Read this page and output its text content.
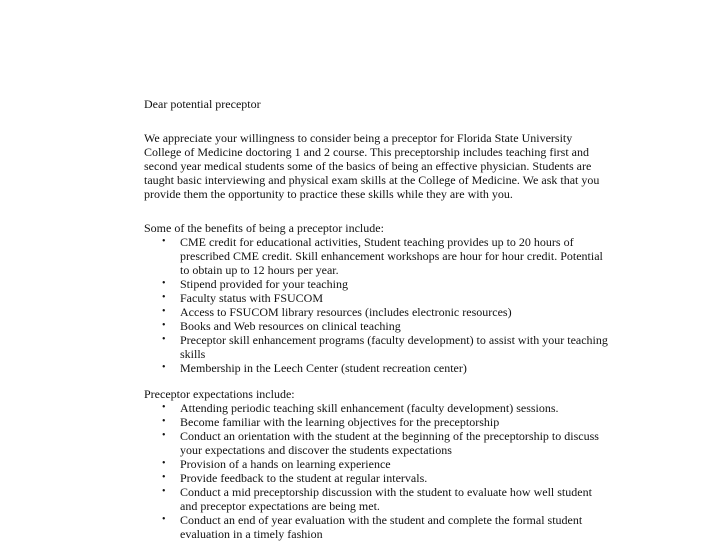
Dear potential preceptor

We appreciate your willingness to consider being a preceptor for Florida State University
College of Medicine doctoring 1 and 2 course. This preceptorship includes teaching first and
second year medical students some of the basics of being an effective physician. Students are
taught basic interviewing and physical exam skills at the College of Medicine. We ask that you
provide them the opportunity to practice these skills while they are with you.

Some of the benefits of being a preceptor include:
• CME credit for educational activities, Student teaching provides up to 20 hours of
prescribed CME credit. Skill enhancement workshops are hour for hour credit. Potential
to obtain up to 12 hours per year.
• Stipend provided for your teaching
• Faculty status with FSUCOM
• Access to FSUCOM library resources (includes electronic resources)
• Books and Web resources on clinical teaching
• Preceptor skill enhancement programs (faculty development) to assist with your teaching
skills
• Membership in the Leech Center (student recreation center)
Preceptor expectations include:
• Attending periodic teaching skill enhancement (faculty development) sessions.
• Become familiar with the learning objectives for the preceptorship
• Conduct an orientation with the student at the beginning of the preceptorship to discuss
your expectations and discover the students expectations
• Provision of a hands on learning experience
• Provide feedback to the student at regular intervals.
• Conduct a mid preceptorship discussion with the student to evaluate how well student
and preceptor expectations are being met.
• Conduct an end of year evaluation with the student and complete the formal student
evaluation in a timely fashion
